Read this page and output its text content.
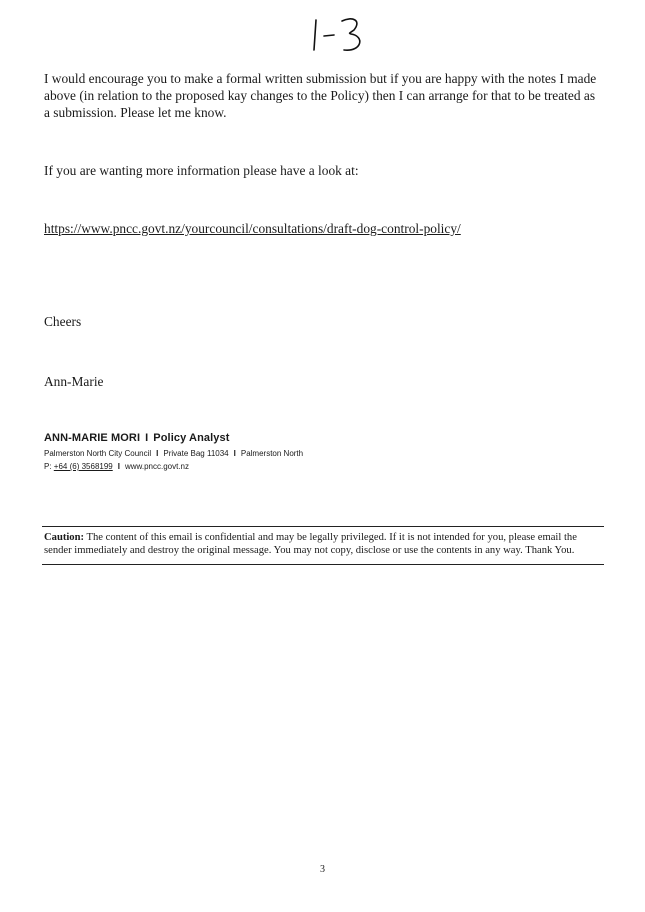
I would encourage you to make a formal written submission but if you are happy with the notes I made above (in relation to the proposed kay changes to the Policy) then I can arrange for that to be treated as a submission. Please let me know.

If you are wanting more information please have a look at:

https://www.pncc.govt.nz/yourcouncil/consultations/draft-dog-control-policy/

Cheers

Ann-Marie

ANN-MARIE MORI I Policy Analyst
Palmerston North City Council I Private Bag 11034 I Palmerston North
P: +64 (6) 3568199 I www.pncc.govt.nz

Caution: The content of this email is confidential and may be legally privileged. If it is not intended for you, please email the sender immediately and destroy the original message. You may not copy, disclose or use the contents in any way. Thank You.

3
